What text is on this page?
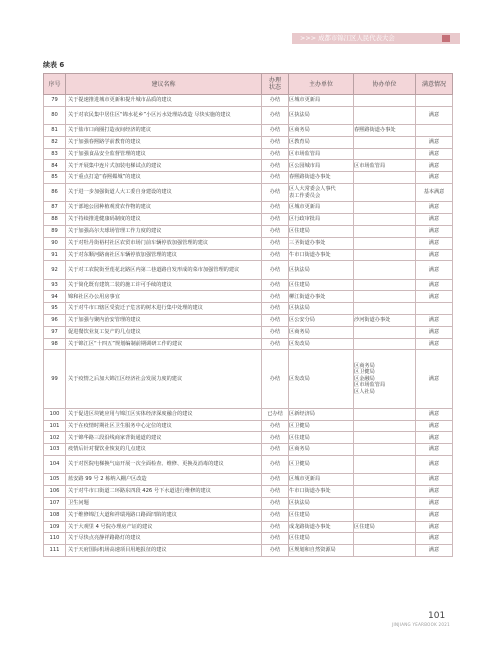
>>> 成都市锦江区人民代表大会
续表 6
序号	建议名称	办理
状态	主办单位	协办单位	满意情况
79	关于提速推进城市更新和提升城市品质的建议	办结	区城市更新局		
80	关于对农民集中居住区“锦水花乡”小区污水处理站改造 尽快实施的建议	办结	区执法局		满意
81	关于盐市口商圈打造夜间经济的建议	办结	区商务局	春熙路街道办事处	
82	关于加强春熙路学前教育的建议	办结	区教育局		满意
83	关于加强食品安全监督管理的建议	办结	区市场监管局		满意
84	关于开展集中连片式加装电梯试点的建议	办结	区公园城市局	区市场监管局	满意
85	关于重点打造“春熙媚城”的建议	办结	春熙路街道办事处		满意
86	关于进一步加强街道人大工委自身建设的建议	办结	区人大常委会人事代
表工作委员会		基本满意
87	关于部地公园种植观赏农作物的建议	办结	区城市更新局		满意
88	关于持续推进健康码制度的建议	办结	区行政审批局		满意
89	关于加强高尔夫球场管理工作力度的建议	办结	区住建局		满意
90	关于对牡丹街裕村社区农贸市场门前车辆停放加强管理的建议	办结	三圣街道办事处		满意
91	关于对东顺河路南社区车辆停放加强管理的建议	办结	牛市口街道办事处		满意
92	关于对工农院街至莲花北路区内第二巷道路自发形成的菜市加强管理的建议	办结	区执法局		满意
93	关于简化既有建筑二装的施工许可手续的建议	办结	区住建局		满意
94	锦和社区办公用房事宜	办结	柳江街道办事处		满意
95	关于对牛市口辖区受瓷迁子危害的树木进行集中处理的建议	办结	区执法局		
96	关于加强与聚内治安管理的建议	办结	区公安分局	沙河街道办事处	满意
97	促进餐饮业复工复产的几点建议	办结	区商务局		满意
98	关于锦江区“十四五”规划编制前期调研工作的建议	办结	区发改局		满意
99	关于疫情之后加大锦江区经济社会发展力度的建议	办结	区发改局	区商务局
区卫健局
区金融局
区市场监管局
区人社局	满意
100	关于促进区块链应用与锦江区实体经济深度融合的建议	已办结	区新经济局		满意
101	关于在疫情时期社区卫生服务中心定位的建议	办结	区卫健局		满意
102	关于锦华路三段沿线商家背街通道的建议	办结	区住建局		满意
103	疫情后针对餐饮业恢复的几点建议	办结	区商务局		满意
104	关于对医院电梯换气扇开展一次全面检查、维修、更换及消毒的建议	办结	区卫健局		满意
105	蓝安路 99 号 2 栋纳入棚户区改造	办结	区城市更新局		满意
106	关于对牛市口街道二环路东四段 426 号下水道进行维修的建议	办结	牛市口街道办事处		满意
107	卫生问题	办结	区执法局		满意
108	关于维修锦江大道和祥瑞苑路口路面凹陷的建议	办结	区住建局		满意
109	关于大观里 4 号院办理房产证的建议	办结	成龙路街道办事处	区住建局	满意
110	关于尽快点亮静祥路路灯的建议	办结	区住建局		满意
111	关于天府国际机场高速项目用地报征的建议	办结	区规划和自然资源局		满意
101
JINJIANG YEARBOOK 2021
